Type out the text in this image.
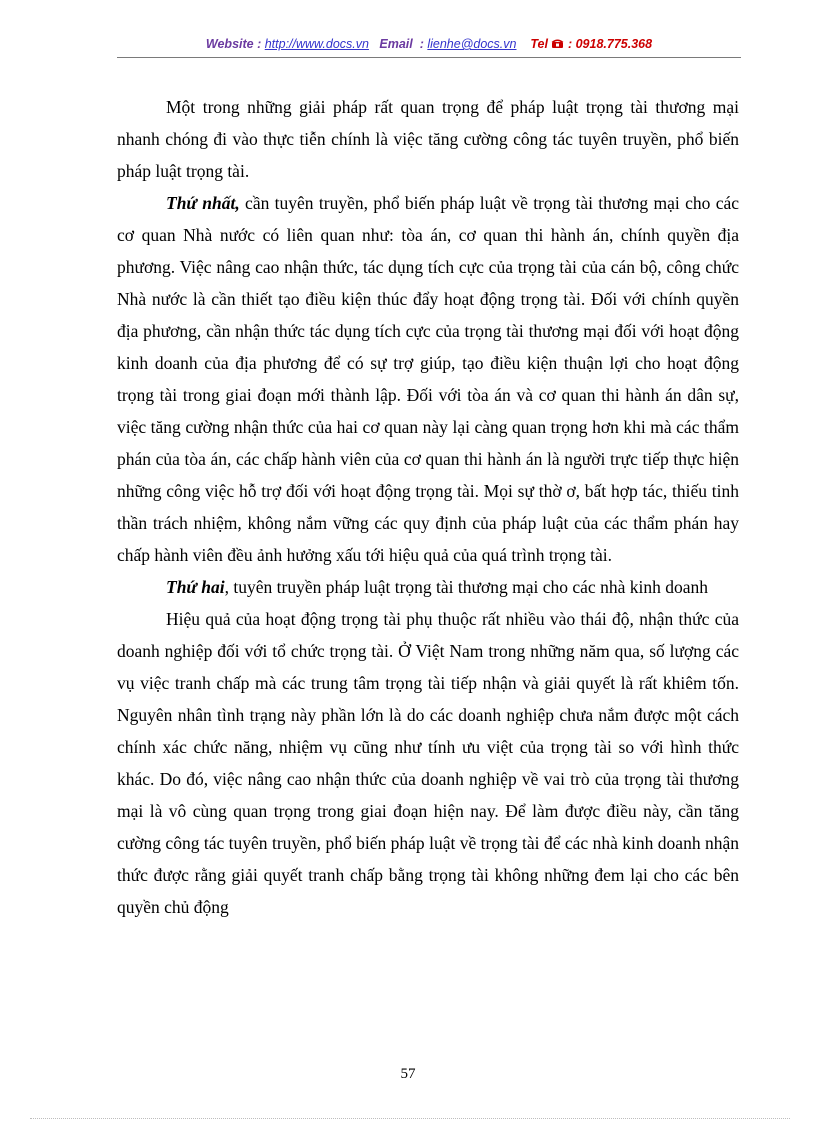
Website : http://www.docs.vn Email : lienhe@docs.vn Tel : 0918.775.368

Một trong những giải pháp rất quan trọng để pháp luật trọng tài thương mại nhanh chóng đi vào thực tiễn chính là việc tăng cường công tác tuyên truyền, phổ biến pháp luật trọng tài.

Thứ nhất, cần tuyên truyền, phổ biến pháp luật về trọng tài thương mại cho các cơ quan Nhà nước có liên quan như: tòa án, cơ quan thi hành án, chính quyền địa phương. Việc nâng cao nhận thức, tác dụng tích cực của trọng tài của cán bộ, công chức Nhà nước là cần thiết tạo điều kiện thúc đẩy hoạt động trọng tài. Đối với chính quyền địa phương, cần nhận thức tác dụng tích cực của trọng tài thương mại đối với hoạt động kinh doanh của địa phương để có sự trợ giúp, tạo điều kiện thuận lợi cho hoạt động trọng tài trong giai đoạn mới thành lập. Đối với tòa án và cơ quan thi hành án dân sự, việc tăng cường nhận thức của hai cơ quan này lại càng quan trọng hơn khi mà các thẩm phán của tòa án, các chấp hành viên của cơ quan thi hành án là người trực tiếp thực hiện những công việc hỗ trợ đối với hoạt động trọng tài. Mọi sự thờ ơ, bất hợp tác, thiếu tinh thần trách nhiệm, không nắm vững các quy định của pháp luật của các thẩm phán hay chấp hành viên đều ảnh hưởng xấu tới hiệu quả của quá trình trọng tài.

Thứ hai, tuyên truyền pháp luật trọng tài thương mại cho các nhà kinh doanh

Hiệu quả của hoạt động trọng tài phụ thuộc rất nhiều vào thái độ, nhận thức của doanh nghiệp đối với tổ chức trọng tài. Ở Việt Nam trong những năm qua, số lượng các vụ việc tranh chấp mà các trung tâm trọng tài tiếp nhận và giải quyết là rất khiêm tốn. Nguyên nhân tình trạng này phần lớn là do các doanh nghiệp chưa nắm được một cách chính xác chức năng, nhiệm vụ cũng như tính ưu việt của trọng tài so với hình thức khác. Do đó, việc nâng cao nhận thức của doanh nghiệp về vai trò của trọng tài thương mại là vô cùng quan trọng trong giai đoạn hiện nay. Để làm được điều này, cần tăng cường công tác tuyên truyền, phổ biến pháp luật về trọng tài để các nhà kinh doanh nhận thức được rằng giải quyết tranh chấp bằng trọng tài không những đem lại cho các bên quyền chủ động

57
